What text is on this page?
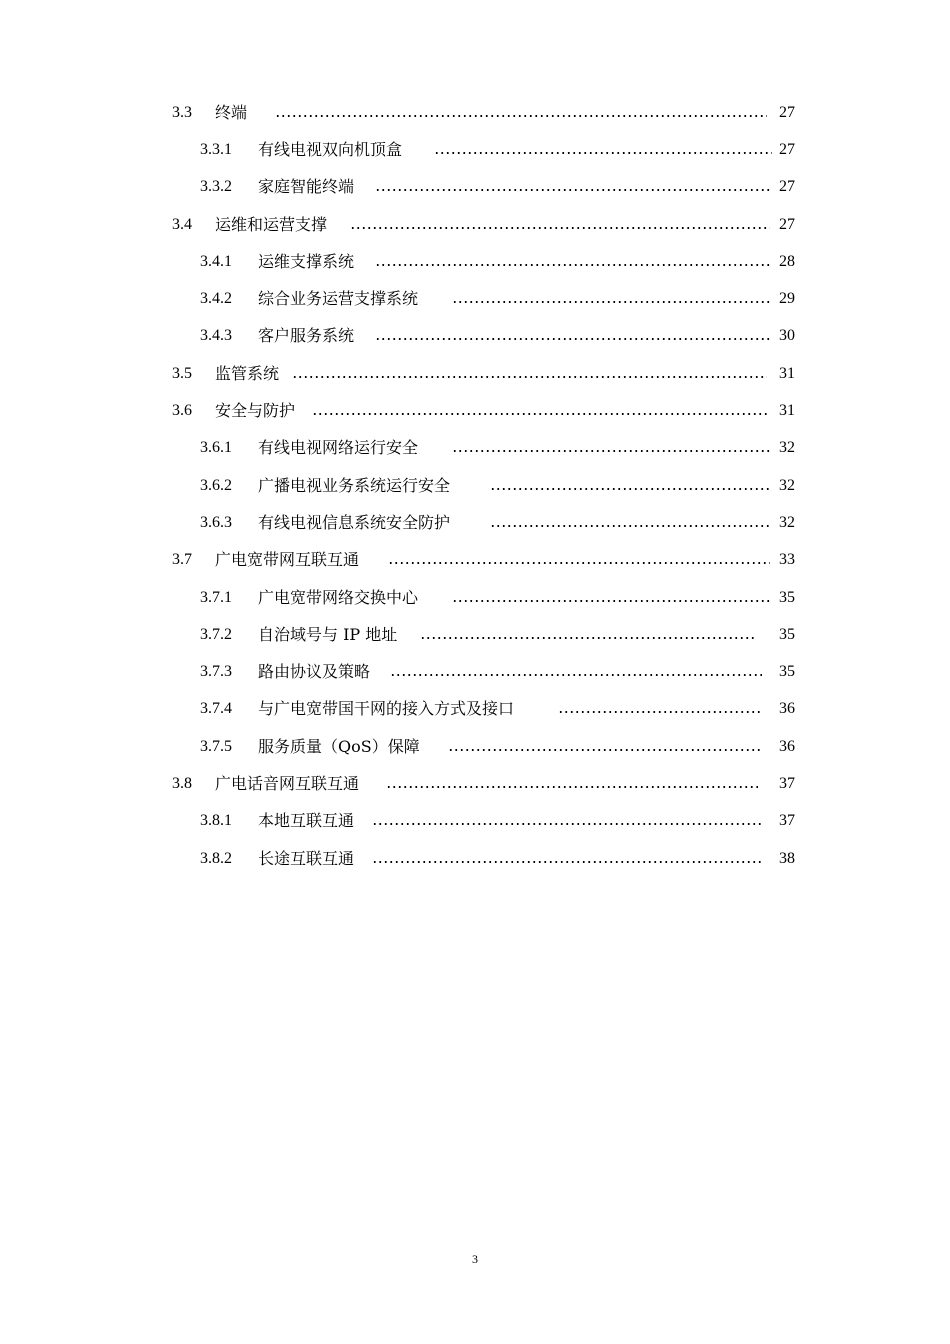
3.3 终端	27
3.3.1 有线电视双向机顶盒	27
3.3.2 家庭智能终端	27
3.4 运维和运营支撑	27
3.4.1 运维支撑系统	28
3.4.2 综合业务运营支撑系统	29
3.4.3 客户服务系统	30
3.5 监管系统	31
3.6 安全与防护	31
3.6.1 有线电视网络运行安全	32
3.6.2 广播电视业务系统运行安全	32
3.6.3 有线电视信息系统安全防护	32
3.7 广电宽带网互联互通	33
3.7.1 广电宽带网络交换中心	35
3.7.2 自治域号与 IP 地址	35
3.7.3 路由协议及策略	35
3.7.4 与广电宽带国干网的接入方式及接口	36
3.7.5 服务质量（QoS）保障	36
3.8 广电话音网互联互通	37
3.8.1 本地互联互通	37
3.8.2 长途互联互通	38
3
